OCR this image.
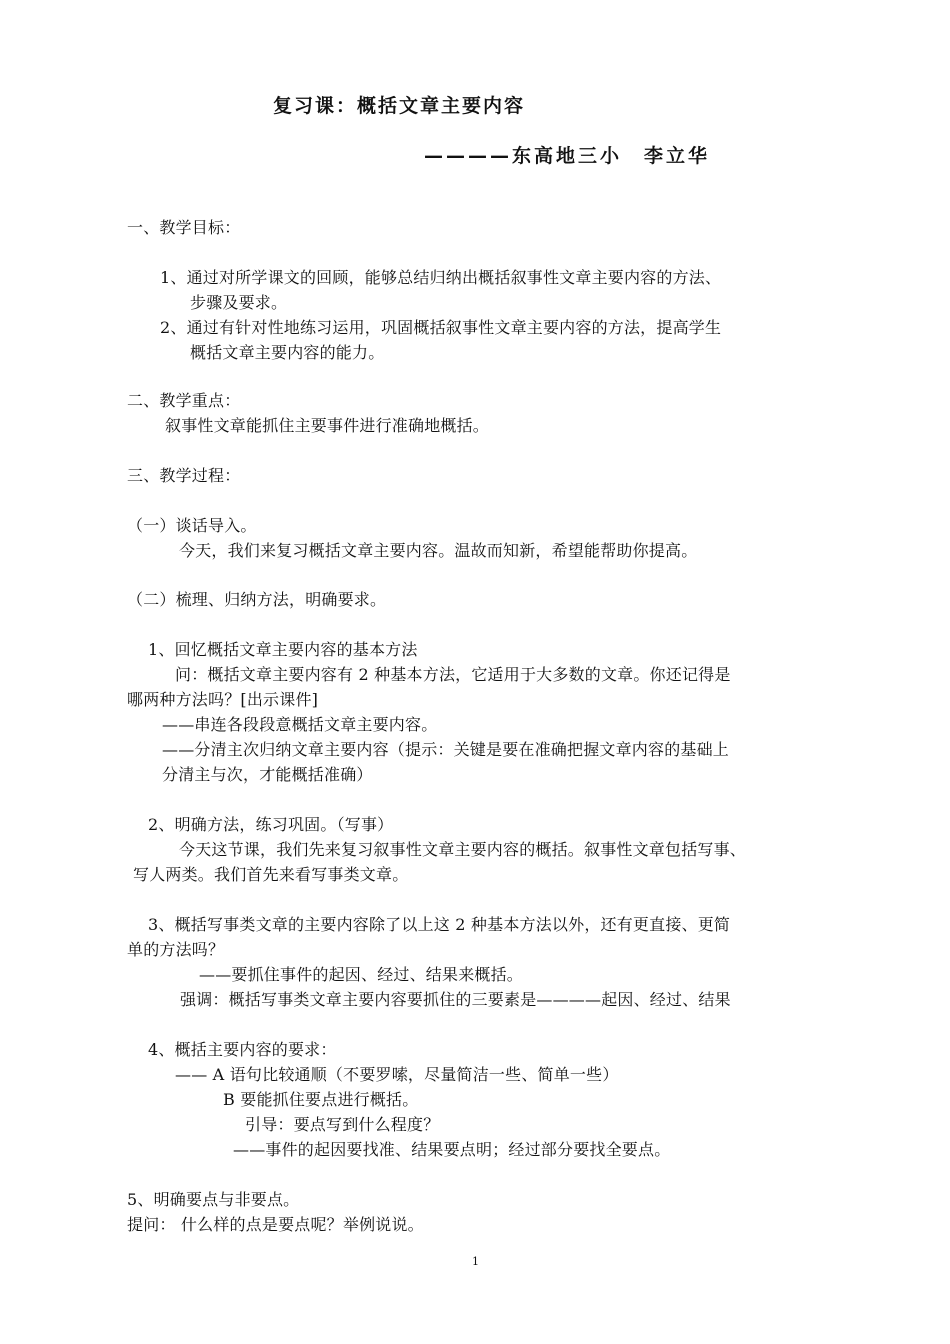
复习课：概括文章主要内容
————东高地三小　李立华
一、教学目标：
1、通过对所学课文的回顾，能够总结归纳出概括叙事性文章主要内容的方法、
步骤及要求。
2、通过有针对性地练习运用，巩固概括叙事性文章主要内容的方法，提高学生
概括文章主要内容的能力。
二、教学重点：
叙事性文章能抓住主要事件进行准确地概括。
三、教学过程：
（一）谈话导入。
今天，我们来复习概括文章主要内容。温故而知新，希望能帮助你提高。
（二）梳理、归纳方法，明确要求。
1、回忆概括文章主要内容的基本方法
问：概括文章主要内容有 2 种基本方法，它适用于大多数的文章。你还记得是
哪两种方法吗？[出示课件]
——串连各段段意概括文章主要内容。
——分清主次归纳文章主要内容（提示：关键是要在准确把握文章内容的基础上
分清主与次，才能概括准确）
2、明确方法，练习巩固。（写事）
今天这节课，我们先来复习叙事性文章主要内容的概括。叙事性文章包括写事、
写人两类。我们首先来看写事类文章。
3、概括写事类文章的主要内容除了以上这 2 种基本方法以外，还有更直接、更简
单的方法吗？
——要抓住事件的起因、经过、结果来概括。
强调：概括写事类文章主要内容要抓住的三要素是————起因、经过、结果
4、概括主要内容的要求：
—— A 语句比较通顺（不要罗嗦，尽量简洁一些、简单一些）
B 要能抓住要点进行概括。
引导：要点写到什么程度？
——事件的起因要找准、结果要点明；经过部分要找全要点。
5、明确要点与非要点。
提问： 什么样的点是要点呢？举例说说。
1
